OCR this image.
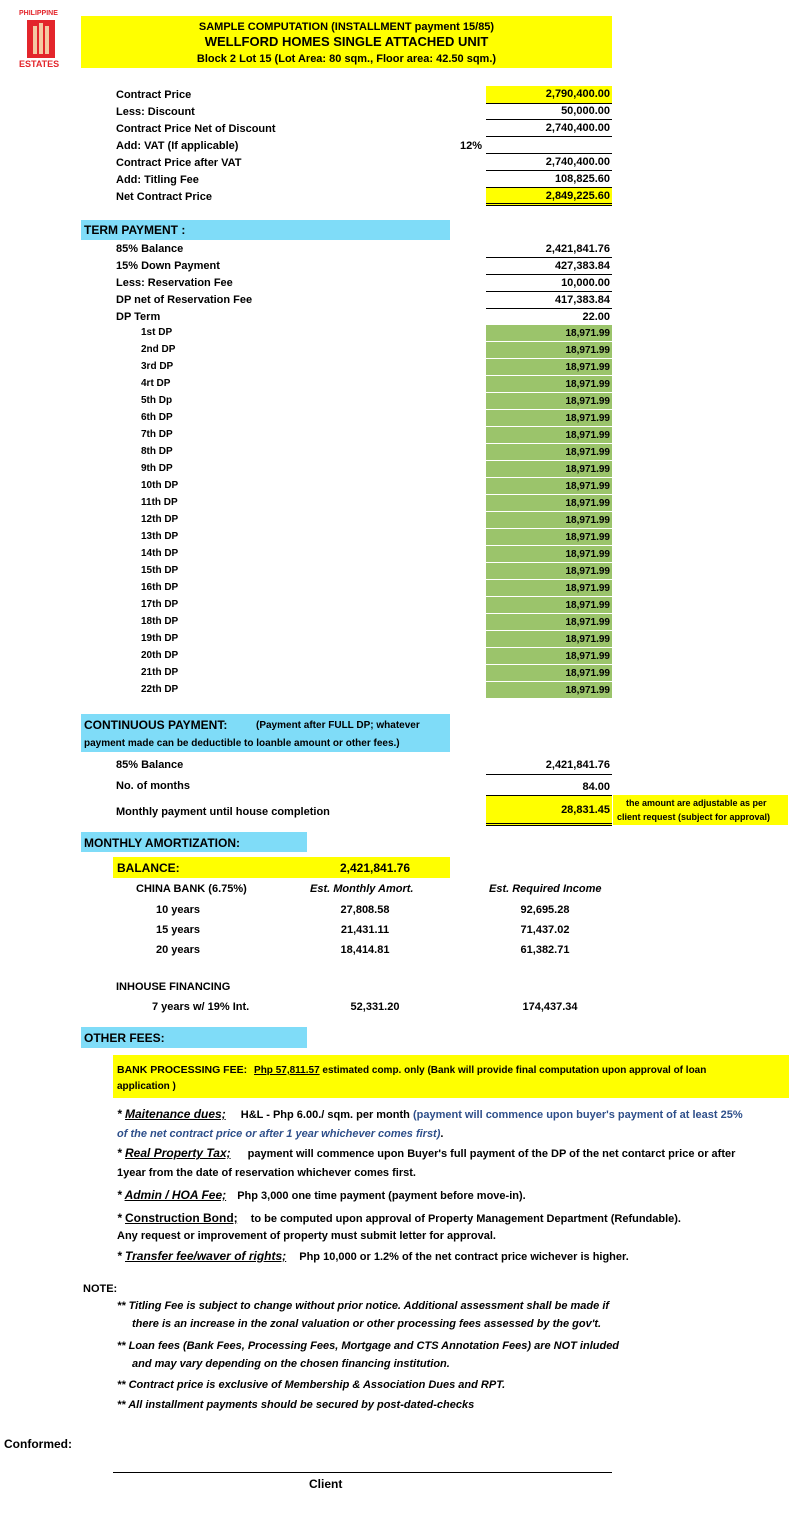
PHILIPPINE
ESTATES
SAMPLE COMPUTATION (INSTALLMENT payment 15/85)
WELLFORD HOMES SINGLE ATTACHED UNIT
Block 2 Lot 15 (Lot Area: 80 sqm., Floor area: 42.50 sqm.)
Contract Price	2,790,400.00
Less: Discount	50,000.00
Contract Price Net of Discount	2,740,400.00
Add: VAT (If applicable)	12%
Contract Price after VAT	2,740,400.00
Add: Titling Fee	108,825.60
Net Contract Price	2,849,225.60
TERM PAYMENT :
85% Balance	2,421,841.76
15% Down Payment	427,383.84
Less: Reservation Fee	10,000.00
DP net of Reservation Fee	417,383.84
DP Term	22.00
1st DP	18,971.99
2nd DP	18,971.99
3rd DP	18,971.99
4rt DP	18,971.99
5th Dp	18,971.99
6th DP	18,971.99
7th DP	18,971.99
8th DP	18,971.99
9th DP	18,971.99
10th DP	18,971.99
11th DP	18,971.99
12th DP	18,971.99
13th DP	18,971.99
14th DP	18,971.99
15th DP	18,971.99
16th DP	18,971.99
17th DP	18,971.99
18th DP	18,971.99
19th DP	18,971.99
20th DP	18,971.99
21th DP	18,971.99
22th DP	18,971.99
CONTINUOUS PAYMENT:	(Payment after FULL DP; whatever
payment made can be deductible to loanble amount or other fees.)
85% Balance	2,421,841.76
No. of months	84.00
Monthly payment until house completion	28,831.45
the amount are adjustable as per
client request (subject for approval)
MONTHLY AMORTIZATION:
BALANCE:	2,421,841.76
CHINA BANK (6.75%)	Est. Monthly Amort.	Est. Required Income
10 years	27,808.58	92,695.28
15 years	21,431.11	71,437.02
20 years	18,414.81	61,382.71
INHOUSE FINANCING
7 years w/ 19% Int.	52,331.20	174,437.34
OTHER FEES:
BANK PROCESSING FEE: Php 57,811.57 estimated comp. only (Bank will provide final computation upon approval of loan
application )
* Maitenance dues; H&L - Php 6.00./ sqm. per month (payment will commence upon buyer's payment of at least 25%
of the net contract price or after 1 year whichever comes first).
* Real Property Tax; payment will commence upon Buyer's full payment of the DP of the net contarct price or after
1year from the date of reservation whichever comes first.
* Admin / HOA Fee; Php 3,000 one time payment (payment before move-in).
* Construction Bond; to be computed upon approval of Property Management Department (Refundable).
Any request or improvement of property must submit letter for approval.
* Transfer fee/waver of rights; Php 10,000 or 1.2% of the net contract price wichever is higher.
NOTE:
** Titling Fee is subject to change without prior notice. Additional assessment shall be made if
there is an increase in the zonal valuation or other processing fees assessed by the gov't.
** Loan fees (Bank Fees, Processing Fees, Mortgage and CTS Annotation Fees) are NOT inluded
and may vary depending on the chosen financing institution.
** Contract price is exclusive of Membership & Association Dues and RPT.
** All installment payments should be secured by post-dated-checks
Conformed:
Client
